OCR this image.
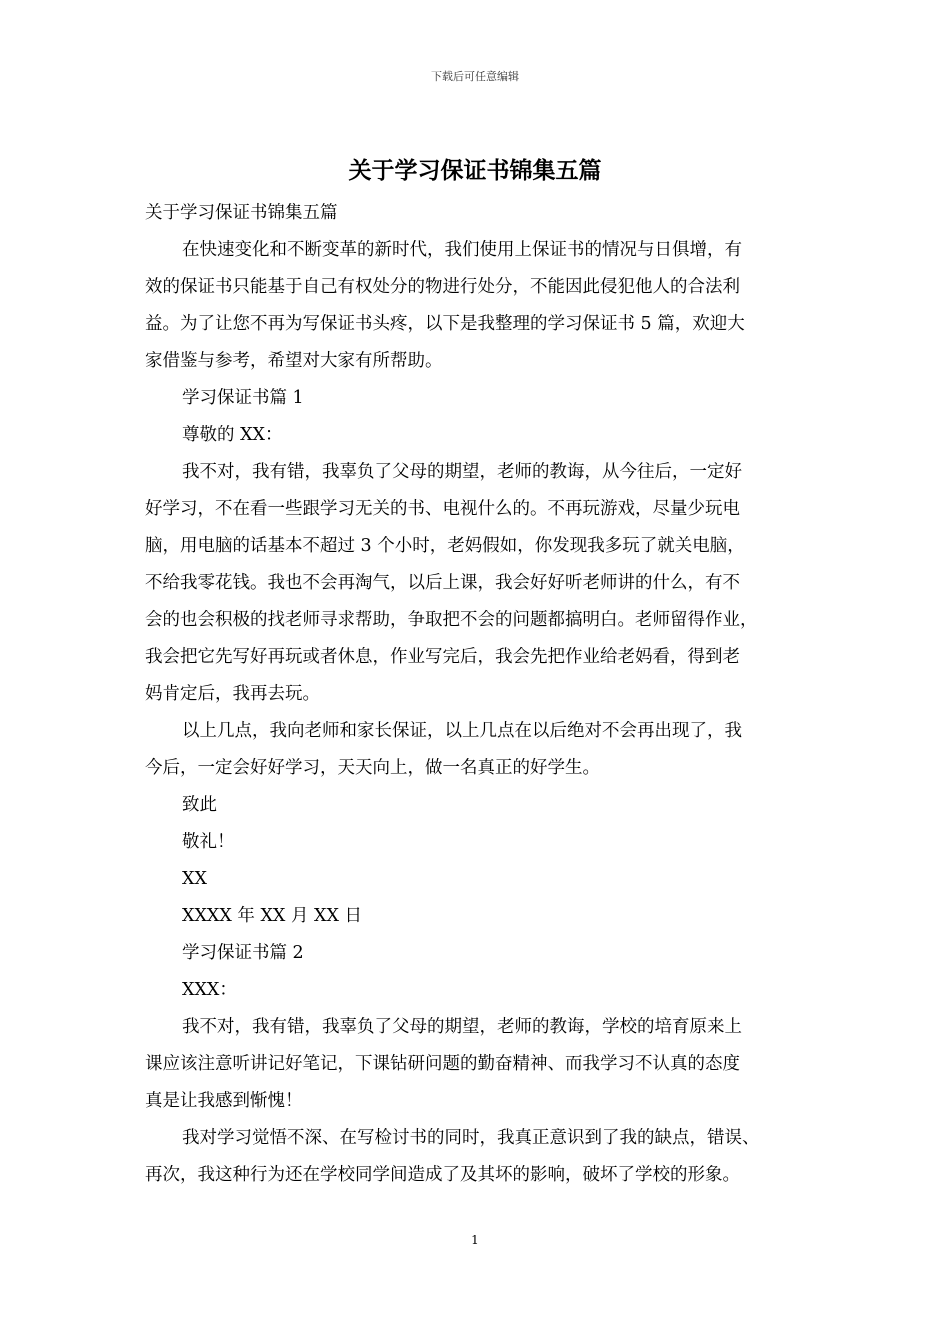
下载后可任意编辑
关于学习保证书锦集五篇

关于学习保证书锦集五篇

在快速变化和不断变革的新时代，我们使用上保证书的情况与日俱增，有

效的保证书只能基于自己有权处分的物进行处分，不能因此侵犯他人的合法利

益。为了让您不再为写保证书头疼，以下是我整理的学习保证书 5 篇，欢迎大

家借鉴与参考，希望对大家有所帮助。

学习保证书篇 1

尊敬的 XX：

我不对，我有错，我辜负了父母的期望，老师的教诲，从今往后，一定好

好学习，不在看一些跟学习无关的书、电视什么的。不再玩游戏，尽量少玩电

脑，用电脑的话基本不超过 3 个小时，老妈假如，你发现我多玩了就关电脑，

不给我零花钱。我也不会再淘气，以后上课，我会好好听老师讲的什么，有不

会的也会积极的找老师寻求帮助，争取把不会的问题都搞明白。老师留得作业，

我会把它先写好再玩或者休息，作业写完后，我会先把作业给老妈看，得到老

妈肯定后，我再去玩。

以上几点，我向老师和家长保证，以上几点在以后绝对不会再出现了，我

今后，一定会好好学习，天天向上，做一名真正的好学生。

致此

敬礼！

XX

XXXX 年 XX 月 XX 日

学习保证书篇 2

XXX：

我不对，我有错，我辜负了父母的期望，老师的教诲，学校的培育原来上

课应该注意听讲记好笔记，下课钻研问题的勤奋精神、而我学习不认真的态度

真是让我感到惭愧！

我对学习觉悟不深、在写检讨书的同时，我真正意识到了我的缺点，错误、

再次，我这种行为还在学校同学间造成了及其坏的影响，破坏了学校的形象。

1
